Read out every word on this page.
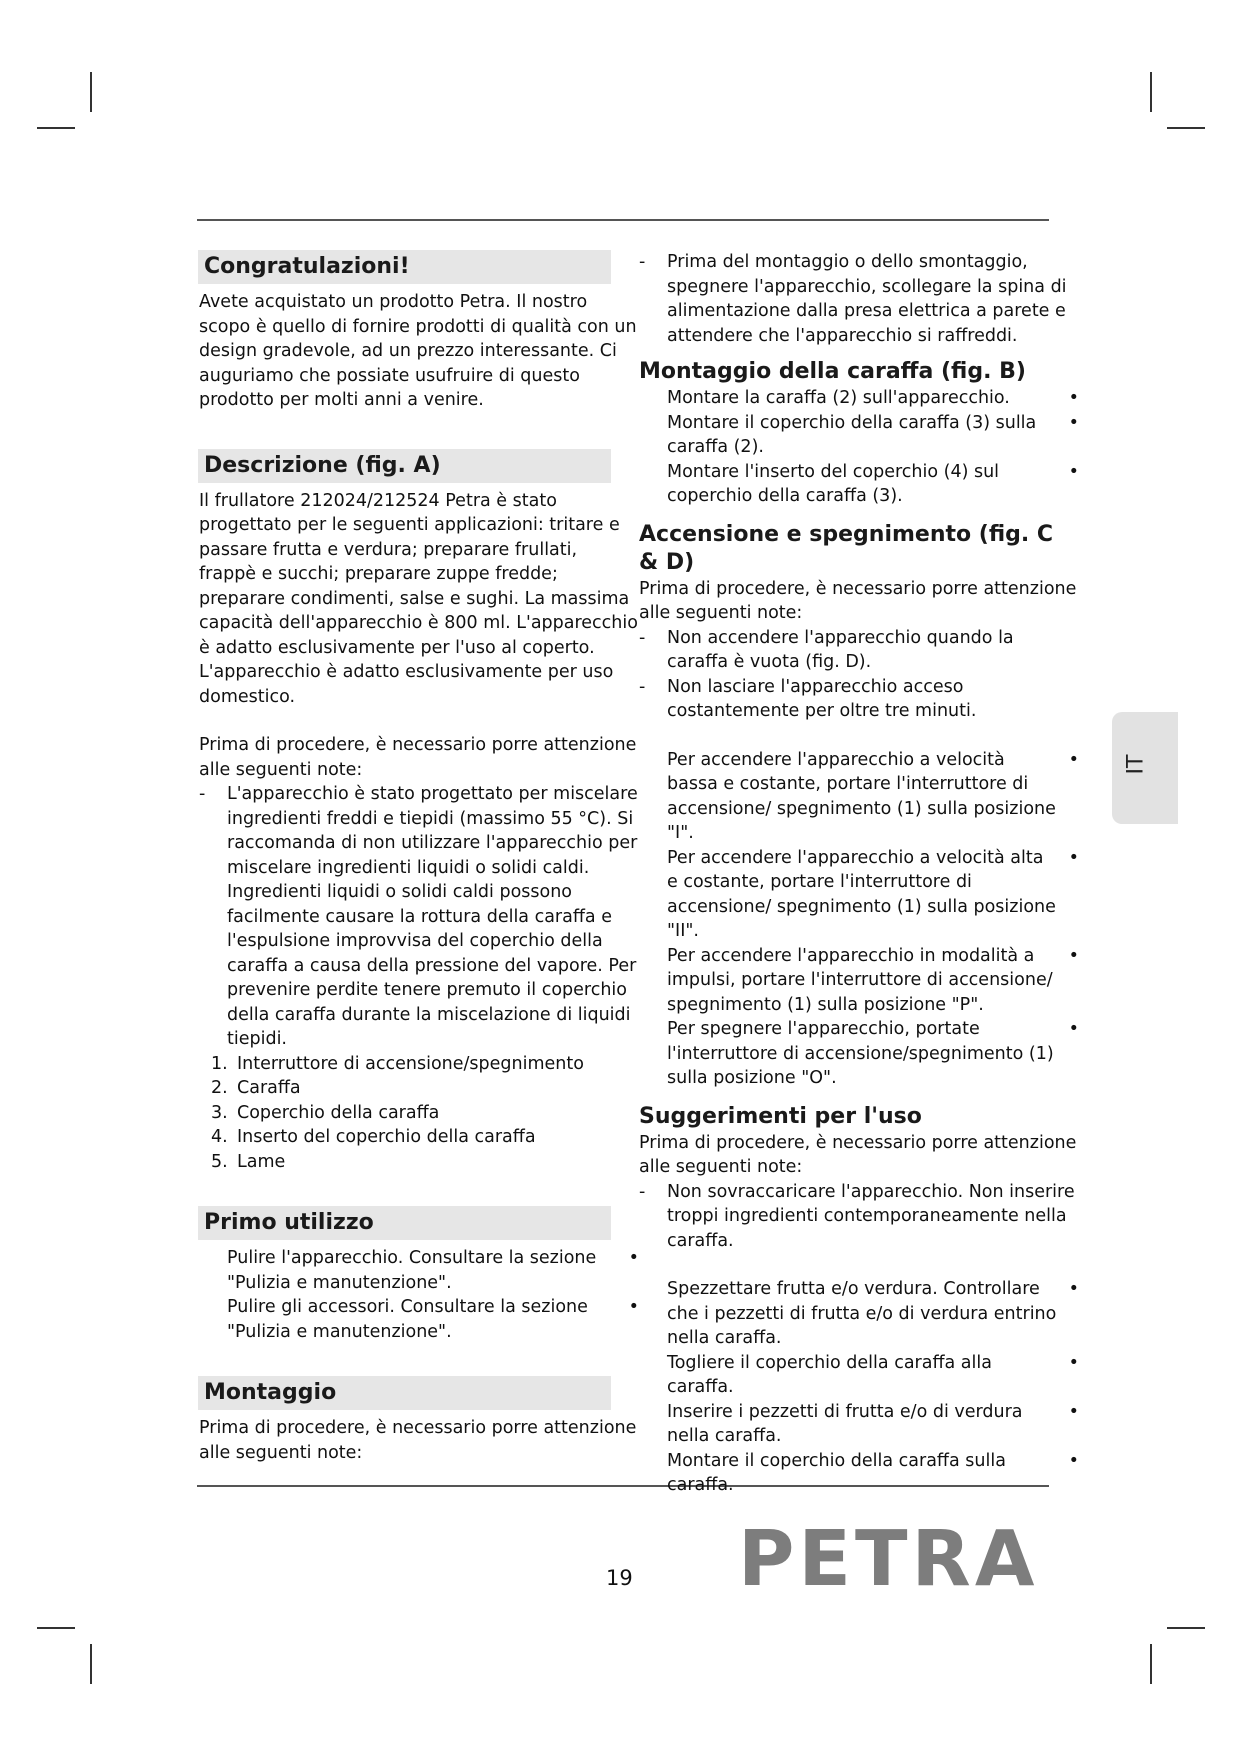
Congratulazioni!

Avete acquistato un prodotto Petra. Il nostro scopo è quello di fornire prodotti di qualità con un design gradevole, ad un prezzo interessante. Ci auguriamo che possiate usufruire di questo prodotto per molti anni a venire.

Descrizione (fig. A)

Il frullatore 212024/212524 Petra è stato progettato per le seguenti applicazioni: tritare e passare frutta e verdura; preparare frullati, frappè e succhi; preparare zuppe fredde; preparare condimenti, salse e sughi. La massima capacità dell'apparecchio è 800 ml. L'apparecchio è adatto esclusivamente per l'uso al coperto. L'apparecchio è adatto esclusivamente per uso domestico.

Prima di procedere, è necessario porre attenzione alle seguenti note:

- L'apparecchio è stato progettato per miscelare ingredienti freddi e tiepidi (massimo 55 °C). Si raccomanda di non utilizzare l'apparecchio per miscelare ingredienti liquidi o solidi caldi. Ingredienti liquidi o solidi caldi possono facilmente causare la rottura della caraffa e l'espulsione improvvisa del coperchio della caraffa a causa della pressione del vapore. Per prevenire perdite tenere premuto il coperchio della caraffa durante la miscelazione di liquidi tiepidi.
1. Interruttore di accensione/spegnimento
2. Caraffa
3. Coperchio della caraffa
4. Inserto del coperchio della caraffa
5. Lame
Primo utilizzo
Pulire l'apparecchio. Consultare la sezione "Pulizia e manutenzione".
•
Pulire gli accessori. Consultare la sezione "Pulizia e manutenzione".
•
Montaggio

Prima di procedere, è necessario porre attenzione alle seguenti note:

- Prima del montaggio o dello smontaggio, spegnere l'apparecchio, scollegare la spina di alimentazione dalla presa elettrica a parete e attendere che l'apparecchio si raffreddi.
Montaggio della caraffa (fig. B)
Montare la caraffa (2) sull'apparecchio.	•
Montare il coperchio della caraffa (3) sulla caraffa (2).
•
Montare l'inserto del coperchio (4) sul coperchio della caraffa (3).
•
Accensione e spegnimento (fig. C & D)

Prima di procedere, è necessario porre attenzione alle seguenti note:

- Non accendere l'apparecchio quando la caraffa è vuota (fig. D).
- Non lasciare l'apparecchio acceso costantemente per oltre tre minuti.
Per accendere l'apparecchio a velocità bassa e costante, portare l'interruttore di accensione/ spegnimento (1) sulla posizione "I".
•
Per accendere l'apparecchio a velocità alta e costante, portare l'interruttore di accensione/ spegnimento (1) sulla posizione "II".
•
Per accendere l'apparecchio in modalità a impulsi, portare l'interruttore di accensione/ spegnimento (1) sulla posizione "P".
•
Per spegnere l'apparecchio, portate l'interruttore di accensione/spegnimento (1) sulla posizione "O".
•
Suggerimenti per l'uso

Prima di procedere, è necessario porre attenzione alle seguenti note:

- Non sovraccaricare l'apparecchio. Non inserire troppi ingredienti contemporaneamente nella caraffa.
Spezzettare frutta e/o verdura. Controllare che i pezzetti di frutta e/o di verdura entrino nella caraffa.
•
Togliere il coperchio della caraffa alla caraffa.
•
Inserire i pezzetti di frutta e/o di verdura nella caraffa.
•
Montare il coperchio della caraffa sulla caraffa.
•
IT
19 PETRA
